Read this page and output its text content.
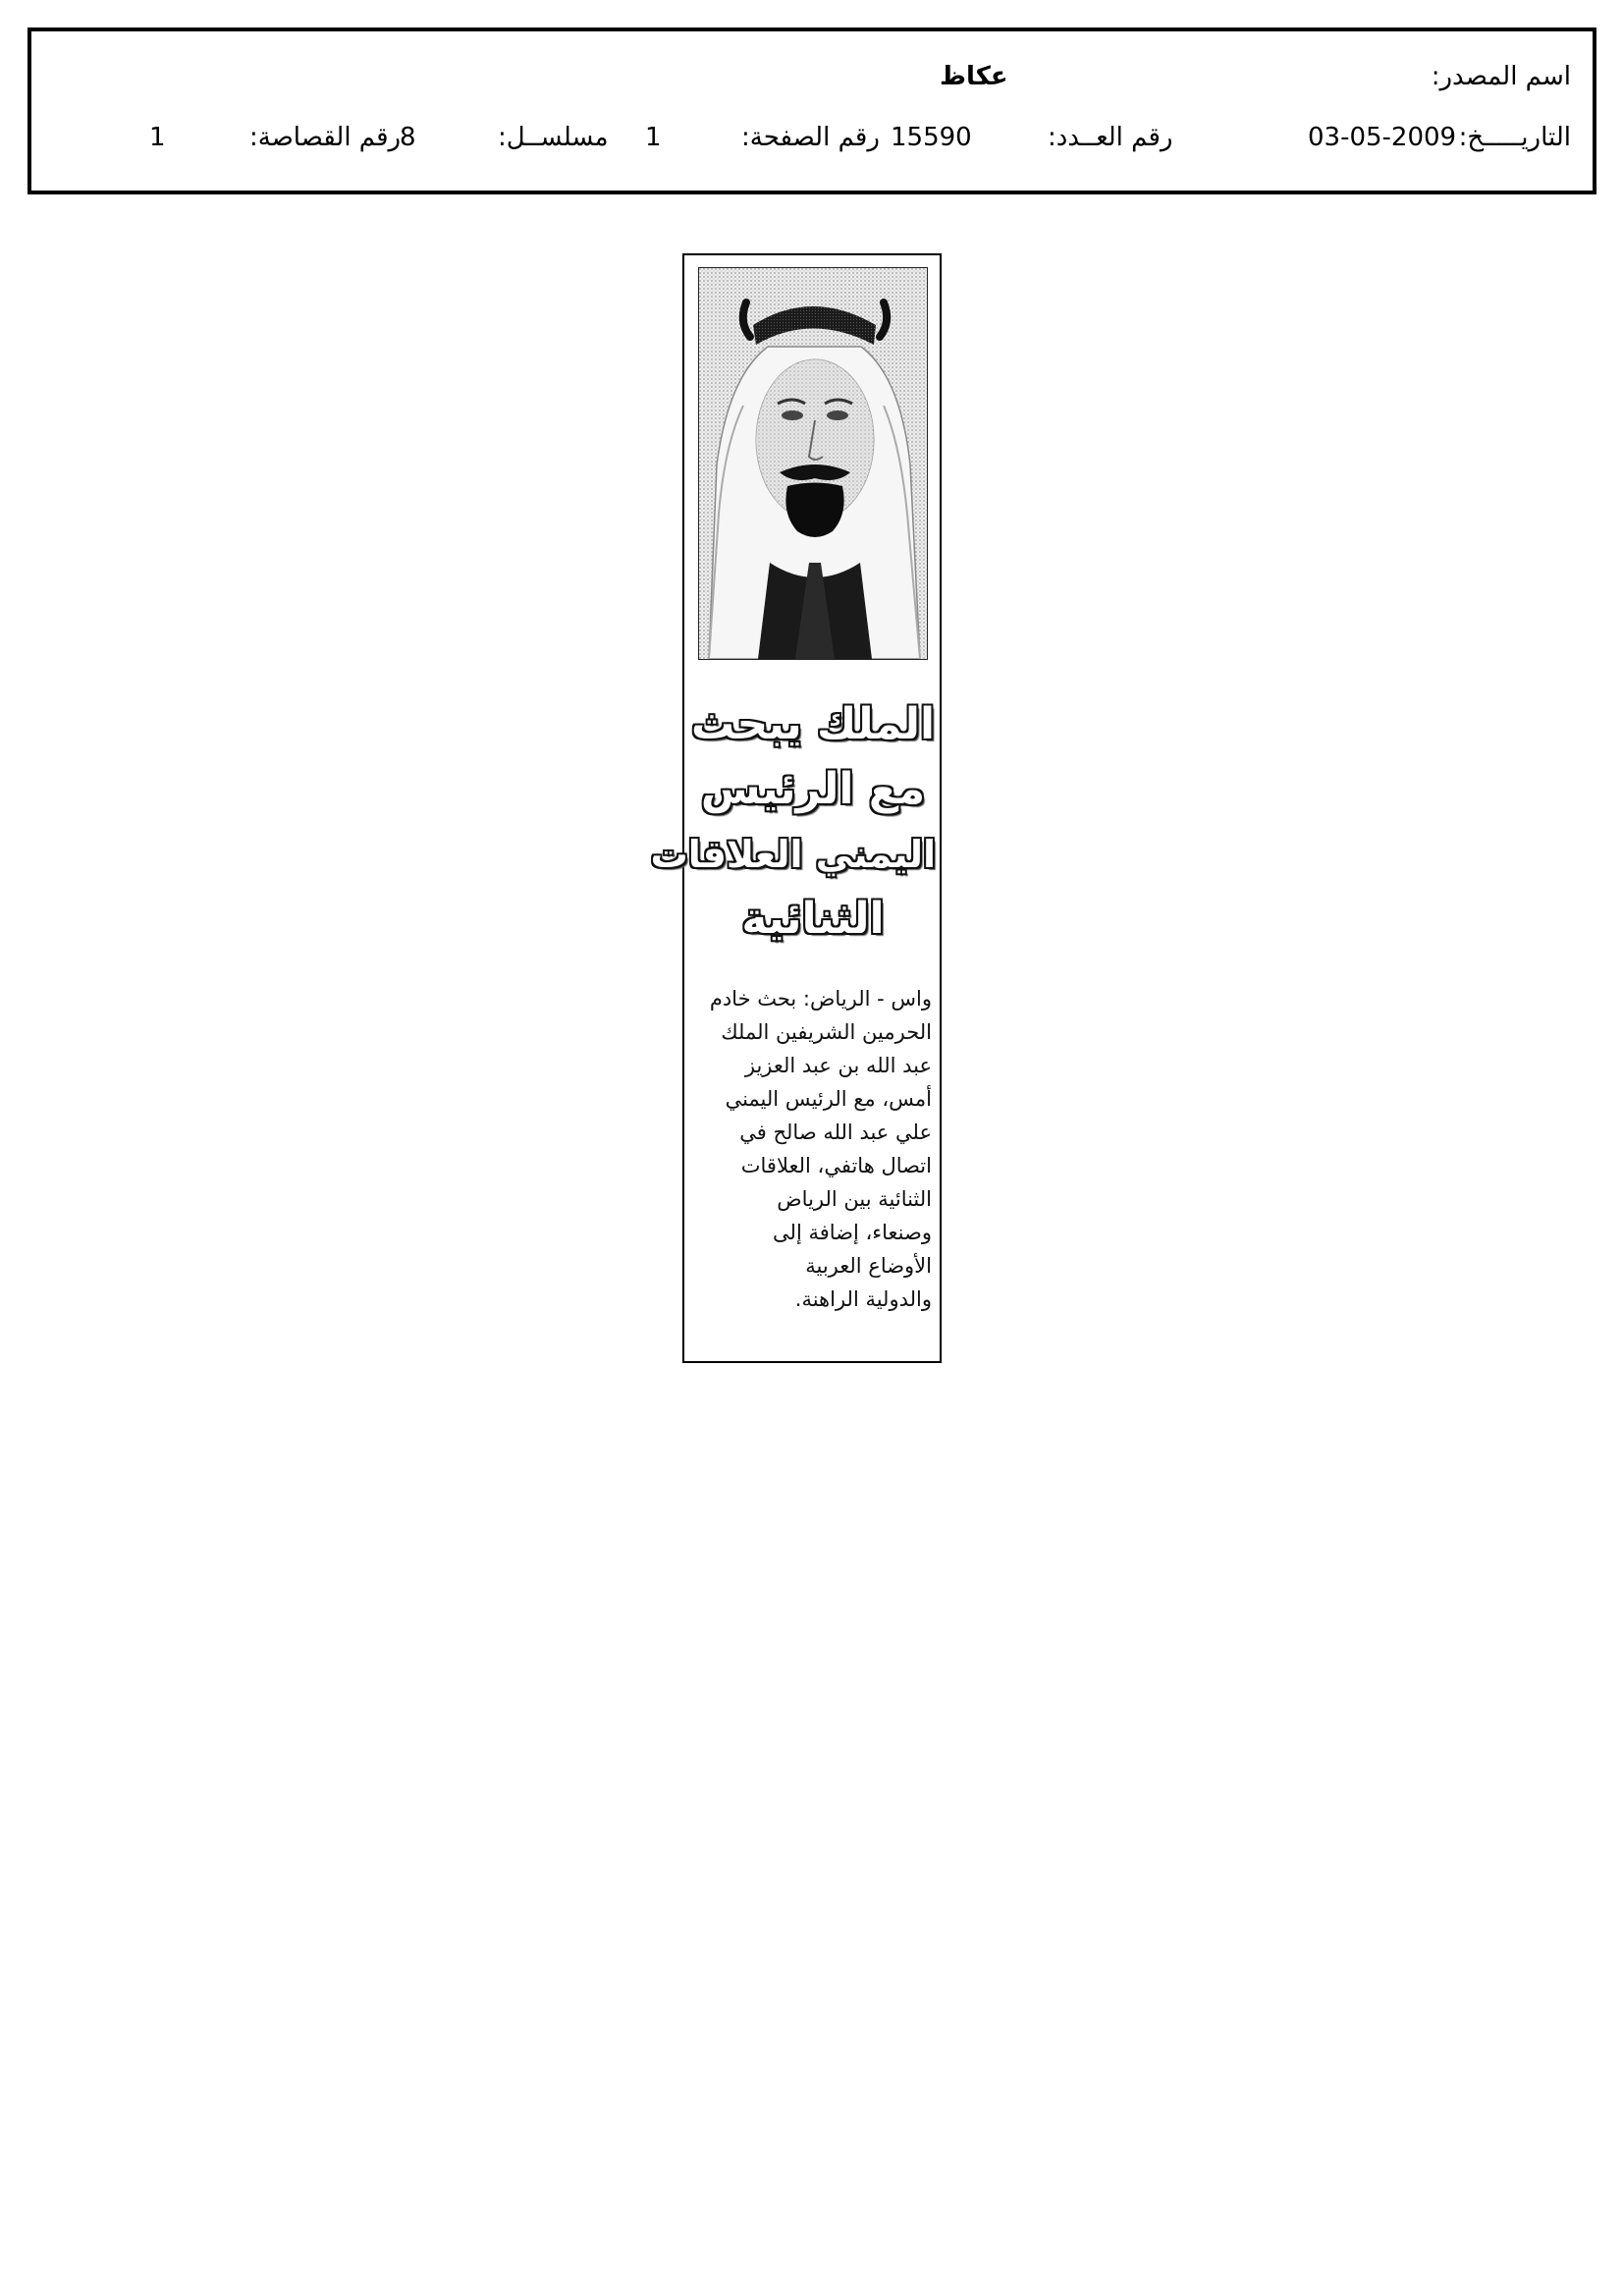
اسم المصدر:
عكاظ
التاريـــــخ:
03-05-2009
رقم العــدد:
15590
رقم الصفحة:
1
مسلســل:
8
رقم القصاصة:
1
الملك يبحث
مع الرئيس
اليمني العلاقات
الثنائية
واس - الرياض: بحث خادم
الحرمين الشريفين الملك
عبد الله بن عبد العزيز
أمس، مع الرئيس اليمني
علي عبد الله صالح في
اتصال هاتفي، العلاقات
الثنائية بين الرياض
وصنعاء، إضافة إلى
الأوضاع العربية
والدولية الراهنة.
